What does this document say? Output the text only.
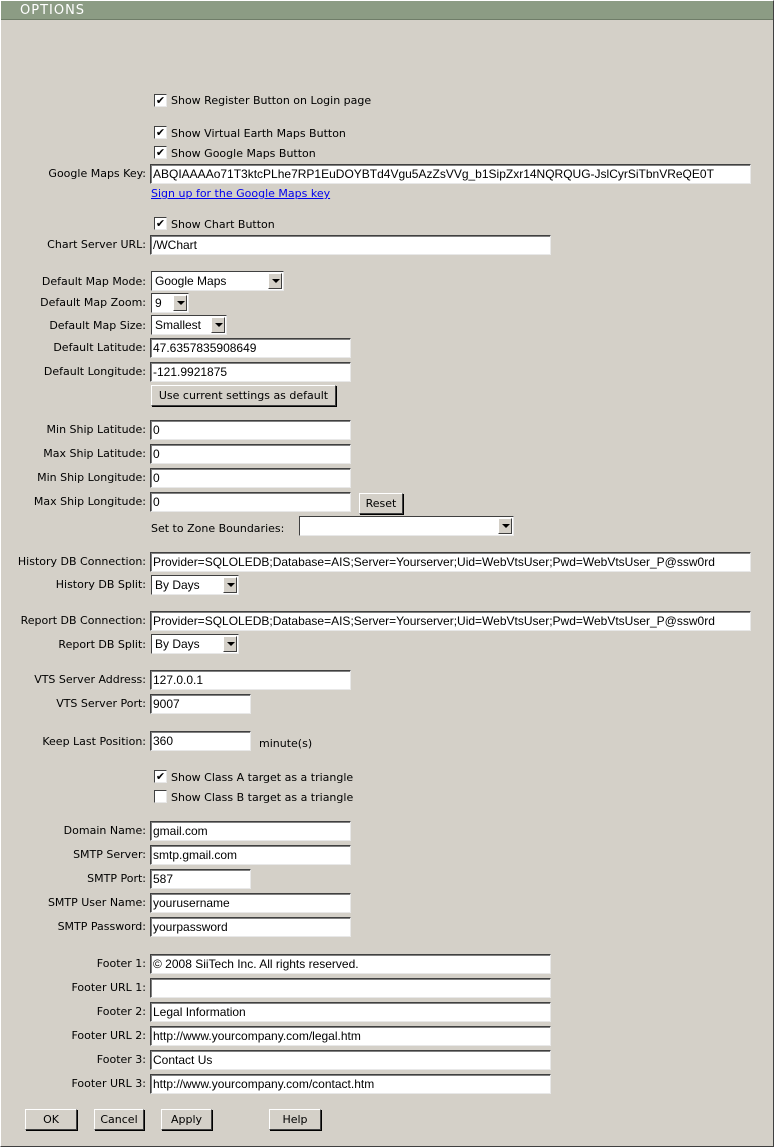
OPTIONS
✔ Show Register Button on Login page
✔ Show Virtual Earth Maps Button
✔ Show Google Maps Button
Google Maps Key: ABQIAAAAo71T3ktcPLhe7RP1EuDOYBTd4Vgu5AzZsVVg_b1SipZxr14NQRQUG-JslCyrSiTbnVReQE0T
Sign up for the Google Maps key
✔ Show Chart Button
Chart Server URL: /WChart
Default Map Mode: Google Maps
Default Map Zoom: 9
Default Map Size: Smallest
Default Latitude: 47.6357835908649
Default Longitude: -121.9921875
Use current settings as default
Min Ship Latitude: 0
Max Ship Latitude: 0
Min Ship Longitude: 0
Max Ship Longitude: 0	Reset
Set to Zone Boundaries:
History DB Connection: Provider=SQLOLEDB;Database=AIS;Server=Yourserver;Uid=WebVtsUser;Pwd=WebVtsUser_P@ssw0rd
History DB Split: By Days
Report DB Connection: Provider=SQLOLEDB;Database=AIS;Server=Yourserver;Uid=WebVtsUser;Pwd=WebVtsUser_P@ssw0rd
Report DB Split: By Days
VTS Server Address: 127.0.0.1
VTS Server Port: 9007
Keep Last Position: 360	minute(s)
✔ Show Class A target as a triangle
Show Class B target as a triangle
Domain Name: gmail.com
SMTP Server: smtp.gmail.com
SMTP Port: 587
SMTP User Name: yourusername
SMTP Password: yourpassword
Footer 1: © 2008 SiiTech Inc. All rights reserved.
Footer URL 1:
Footer 2: Legal Information
Footer URL 2: http://www.yourcompany.com/legal.htm
Footer 3: Contact Us
Footer URL 3: http://www.yourcompany.com/contact.htm
OK	Cancel	Apply	Help
